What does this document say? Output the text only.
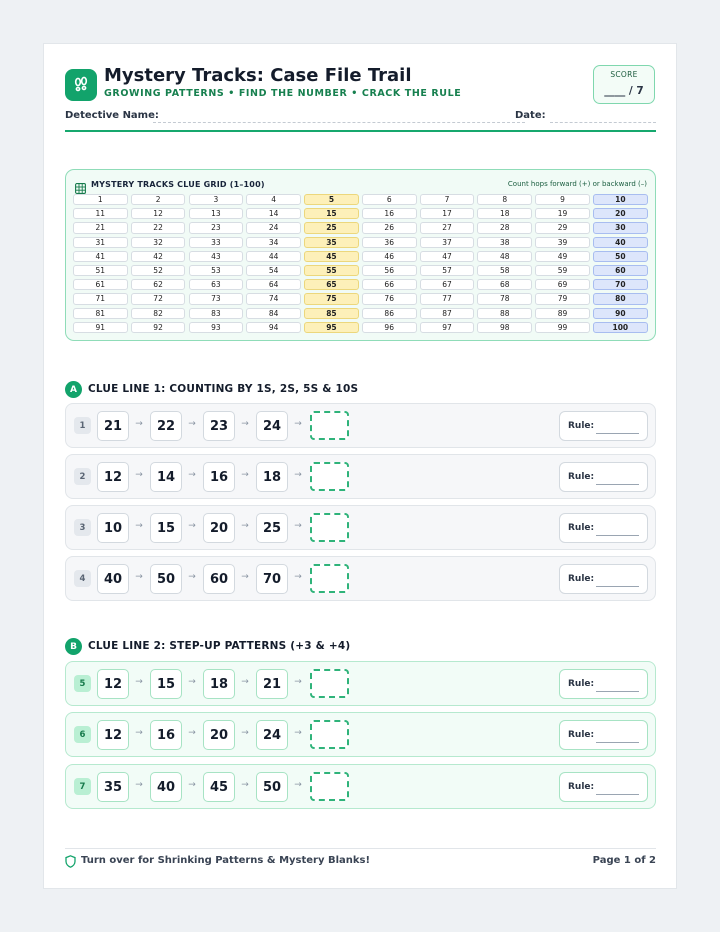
Mystery Tracks: Case File Trail
GROWING PATTERNS • FIND THE NUMBER • CRACK THE RULE
SCORE
____ / 7
Detective Name:	Date:
MYSTERY TRACKS CLUE GRID (1–100)	Count hops forward (+) or backward (–)
1	2	3	4	5	6	7	8	9	10
11	12	13	14	15	16	17	18	19	20
21	22	23	24	25	26	27	28	29	30
31	32	33	34	35	36	37	38	39	40
41	42	43	44	45	46	47	48	49	50
51	52	53	54	55	56	57	58	59	60
61	62	63	64	65	66	67	68	69	70
71	72	73	74	75	76	77	78	79	80
81	82	83	84	85	86	87	88	89	90
91	92	93	94	95	96	97	98	99	100
A	CLUE LINE 1: COUNTING BY 1S, 2S, 5S & 10S
1	21	→	22	→	23	→	24	→	Rule:
2	12	→	14	→	16	→	18	→	Rule:
3	10	→	15	→	20	→	25	→	Rule:
4	40	→	50	→	60	→	70	→	Rule:
B	CLUE LINE 2: STEP-UP PATTERNS (+3 & +4)
5	12	→	15	→	18	→	21	→	Rule:
6	12	→	16	→	20	→	24	→	Rule:
7	35	→	40	→	45	→	50	→	Rule:
Turn over for Shrinking Patterns & Mystery Blanks!	Page 1 of 2
